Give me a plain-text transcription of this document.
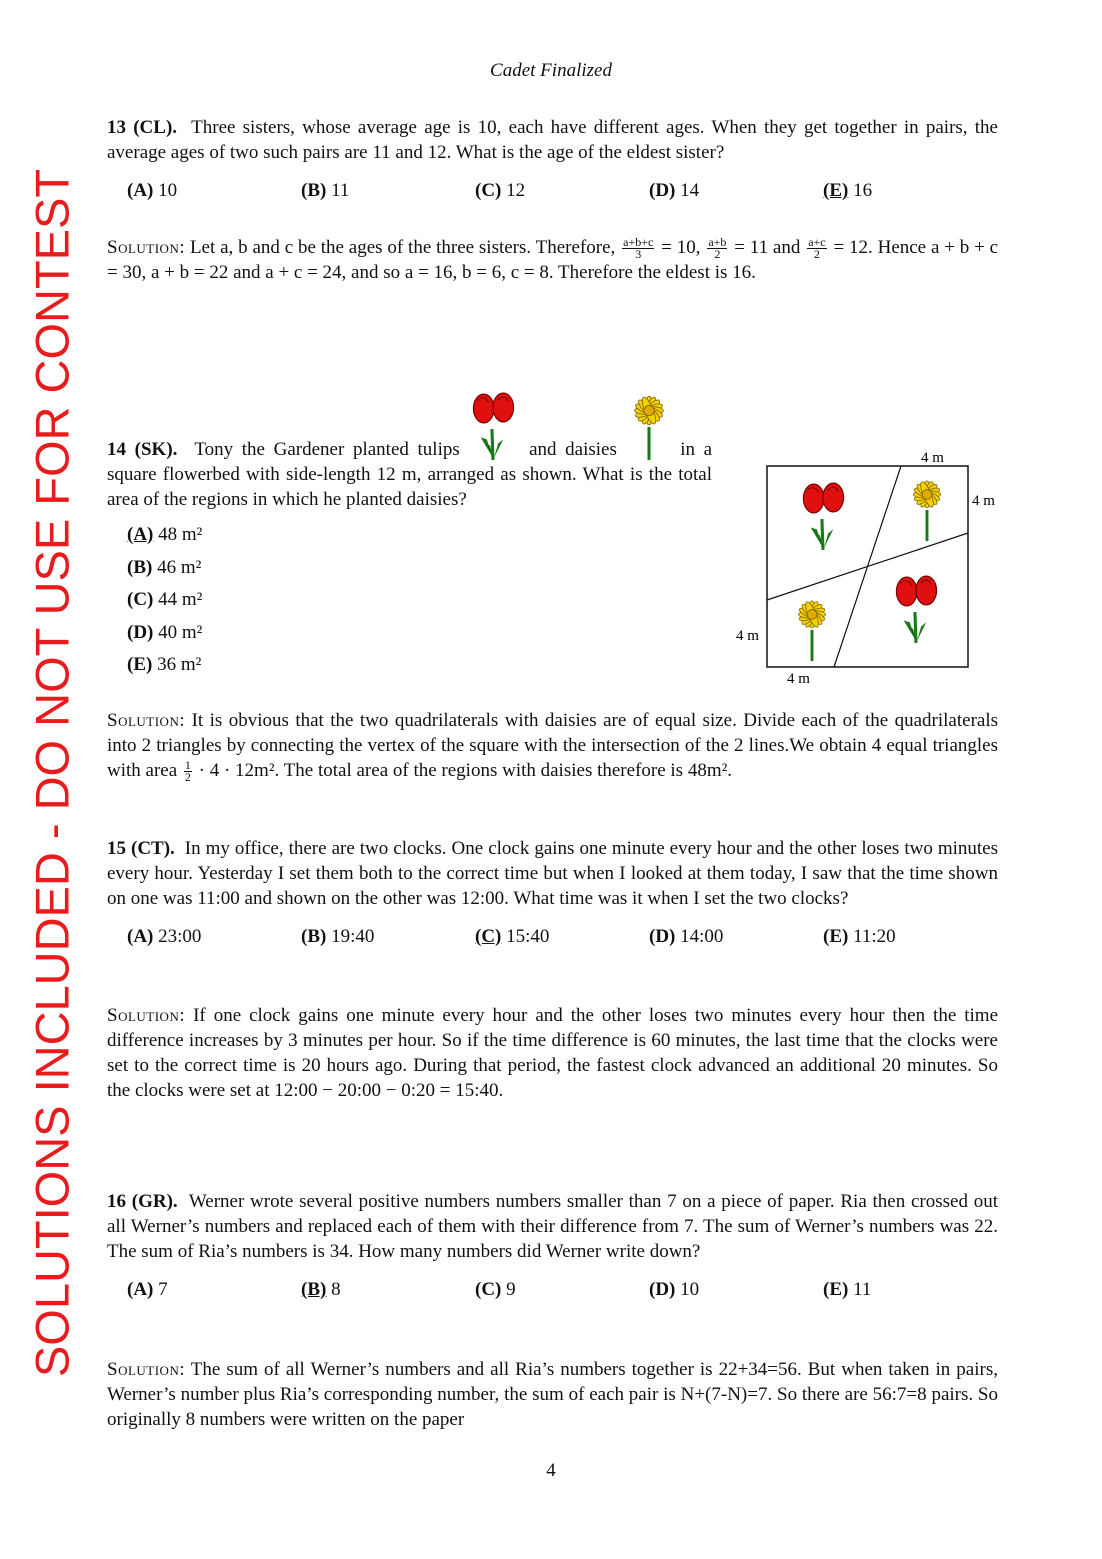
Cadet Finalized
SOLUTIONS INCLUDED - DO NOT USE FOR CONTEST

13 (CL). Three sisters, whose average age is 10, each have different ages. When they get together in pairs, the average ages of two such pairs are 11 and 12. What is the age of the eldest sister?

(A) 10	(B) 11	(C) 12	(D) 14	(E) 16

Solution: Let a, b and c be the ages of the three sisters. Therefore, $\frac{a+b+c}{3} = 10$, $\frac{a+b}{2} = 11$ and $\frac{a+c}{2} = 12$. Hence a + b + c = 30, a + b = 22 and a + c = 24, and so a = 16, b = 6, c = 8. Therefore the eldest is 16.

14 (SK). Tony the Gardener planted tulips	and daisies	in a square flowerbed with side-length 12 m, arranged as shown. What is the total area of the regions in which he planted daisies?

(A) 48 m²
(B) 46 m²
(C) 44 m²
(D) 40 m²
(E) 36 m²
4 m
4 m
4 m
4 m

Solution: It is obvious that the two quadrilaterals with daisies are of equal size. Divide each of the quadrilaterals into 2 triangles by connecting the vertex of the square with the intersection of the 2 lines.We obtain 4 equal triangles with area $\frac{1}{2} \cdot 4 \cdot 12m^2$. The total area of the regions with daisies therefore is 48m².

15 (CT). In my office, there are two clocks. One clock gains one minute every hour and the other loses two minutes every hour. Yesterday I set them both to the correct time but when I looked at them today, I saw that the time shown on one was 11:00 and shown on the other was 12:00. What time was it when I set the two clocks?

(A) 23:00	(B) 19:40	(C) 15:40	(D) 14:00	(E) 11:20

Solution: If one clock gains one minute every hour and the other loses two minutes every hour then the time difference increases by 3 minutes per hour. So if the time difference is 60 minutes, the last time that the clocks were set to the correct time is 20 hours ago. During that period, the fastest clock advanced an additional 20 minutes. So the clocks were set at 12:00 − 20:00 − 0:20 = 15:40.

16 (GR). Werner wrote several positive numbers numbers smaller than 7 on a piece of paper. Ria then crossed out all Werner’s numbers and replaced each of them with their difference from 7. The sum of Werner’s numbers was 22. The sum of Ria’s numbers is 34. How many numbers did Werner write down?

(A) 7	(B) 8	(C) 9	(D) 10	(E) 11

Solution: The sum of all Werner’s numbers and all Ria’s numbers together is 22+34=56. But when taken in pairs, Werner’s number plus Ria’s corresponding number, the sum of each pair is N+(7-N)=7. So there are 56:7=8 pairs. So originally 8 numbers were written on the paper

4
